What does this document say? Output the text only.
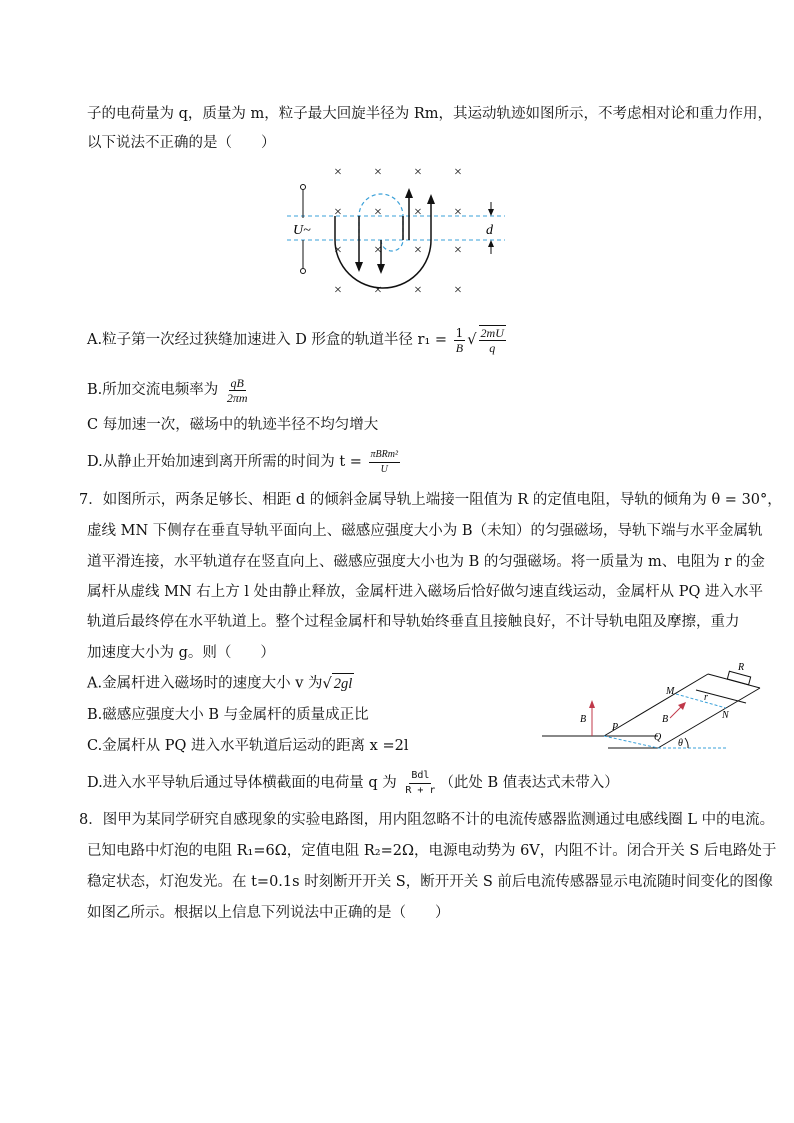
子的电荷量为 q，质量为 m，粒子最大回旋半径为 Rm，其运动轨迹如图所示，不考虑相对论和重力作用，
以下说法不正确的是（　　）
× × × ×
× × × ×
× × × ×
× × × ×
U~	d
A.粒子第一次经过狭缝加速进入 D 形盒的轨道半径 $r_1 = \frac{1}{B}$ √ $\frac{2mU}{q}$
B.所加交流电频率为 $\frac{qB}{2\pi m}$
C 每加速一次，磁场中的轨迹半径不均匀增大
D.从静止开始加速到离开所需的时间为 $t = \frac{\text{πBRm²}}{U}$
7．如图所示，两条足够长、相距 d 的倾斜金属导轨上端接一阻值为 R 的定值电阻，导轨的倾角为 θ = 30°，
虚线 MN 下侧存在垂直导轨平面向上、磁感应强度大小为 B（未知）的匀强磁场，导轨下端与水平金属轨
道平滑连接，水平轨道存在竖直向上、磁感应强度大小也为 B 的匀强磁场。将一质量为 m、电阻为 r 的金
属杆从虚线 MN 右上方 l 处由静止释放，金属杆进入磁场后恰好做匀速直线运动，金属杆从 PQ 进入水平
轨道后最终停在水平轨道上。整个过程金属杆和导轨始终垂直且接触良好，不计导轨电阻及摩擦，重力
加速度大小为 g。则（　　）
A.金属杆进入磁场时的速度大小 v 为 √ 2gl
B.磁感应强度大小 B 与金属杆的质量成正比
C.金属杆从 PQ 进入水平轨道后运动的距离 x =2l
D.进入水平导轨后通过导体横截面的电荷量 q 为 $\frac{\text{Bdl}}{R + r}$ （此处 B 值表达式未带入）
R
M
r
N
B	B
P
Q
θ
8．图甲为某同学研究自感现象的实验电路图，用内阻忽略不计的电流传感器监测通过电感线圈 L 中的电流。
已知电路中灯泡的电阻 R₁=6Ω，定值电阻 R₂=2Ω，电源电动势为 6V，内阻不计。闭合开关 S 后电路处于
稳定状态，灯泡发光。在 t=0.1s 时刻断开开关 S，断开开关 S 前后电流传感器显示电流随时间变化的图像
如图乙所示。根据以上信息下列说法中正确的是（　　）
